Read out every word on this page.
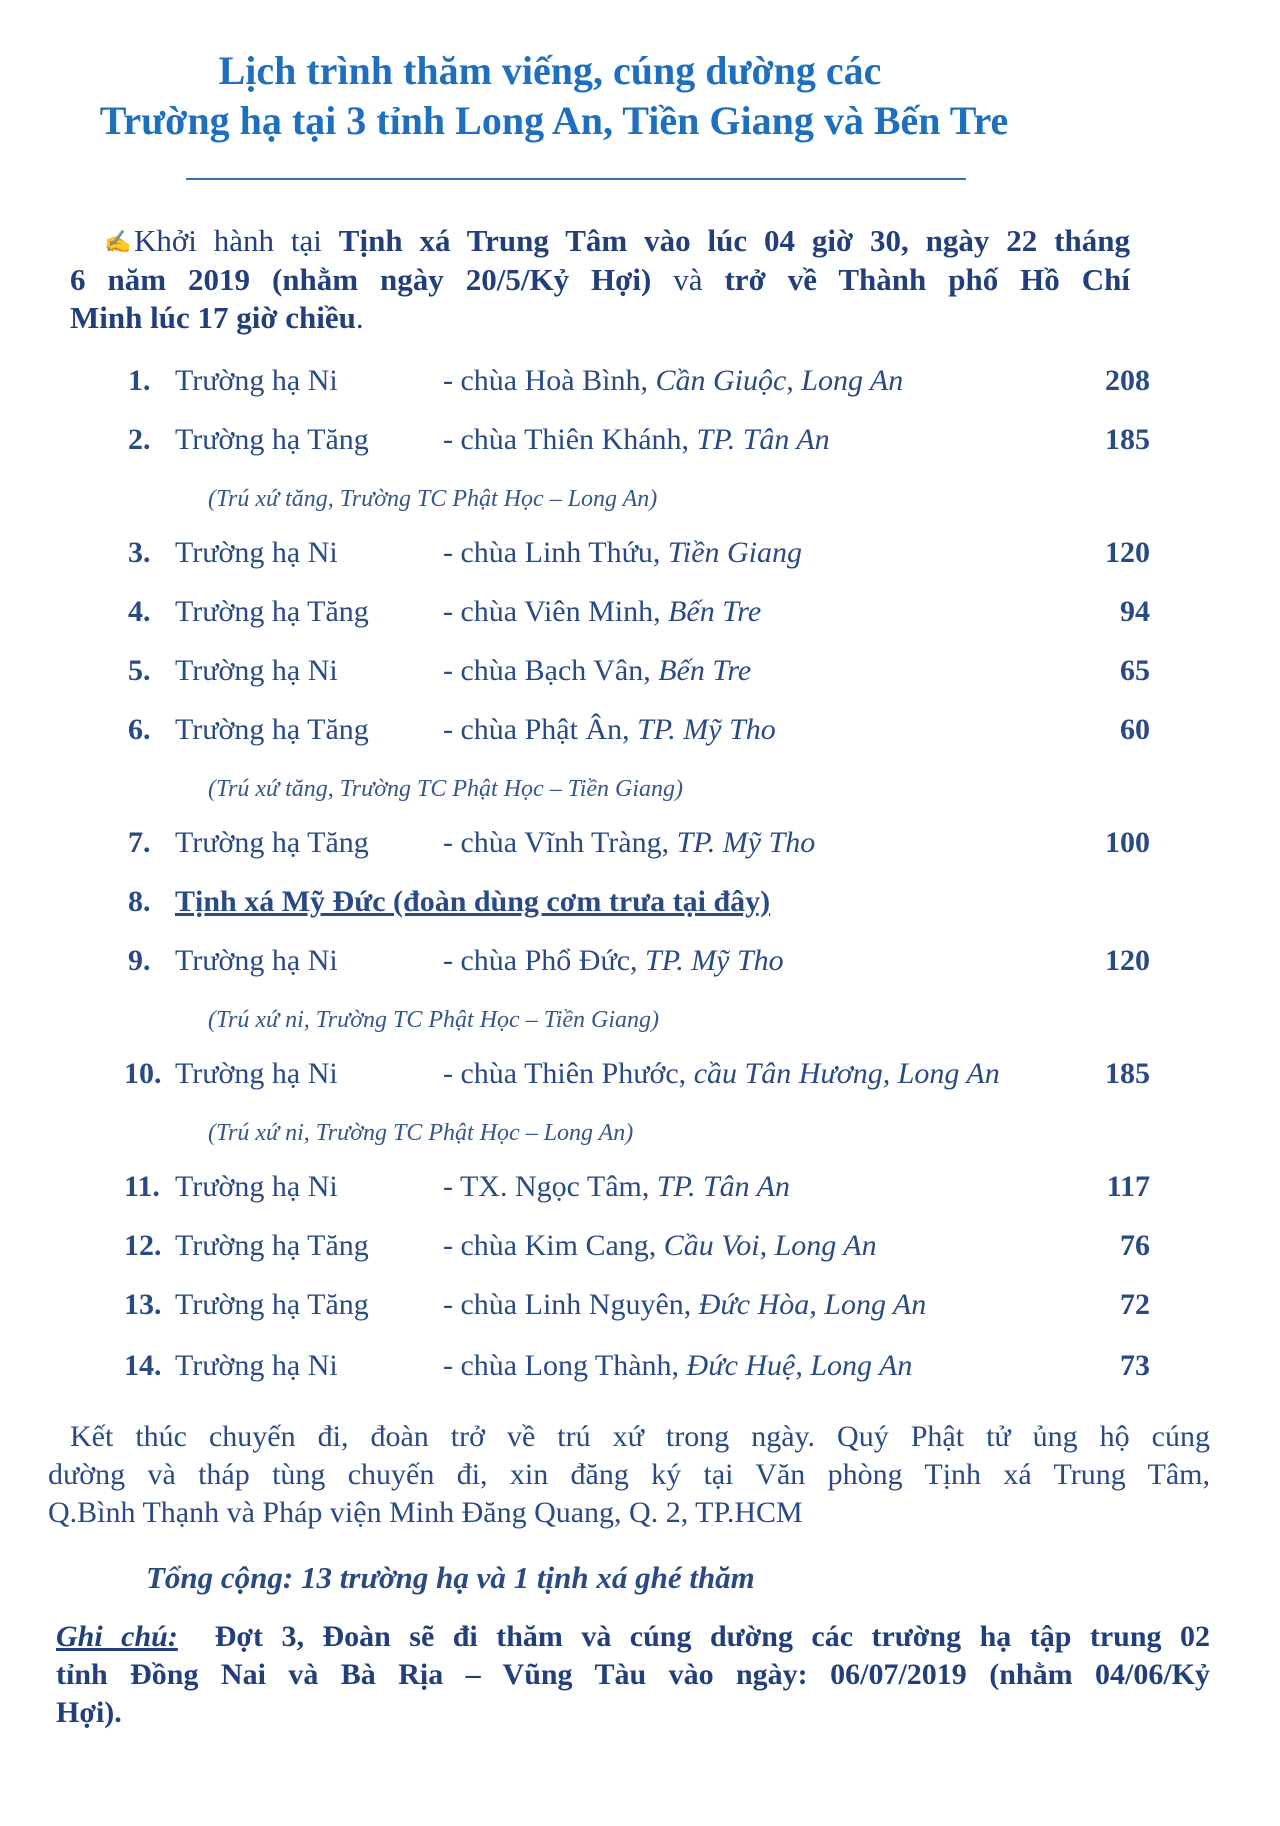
Lịch trình thăm viếng, cúng dường các
Trường hạ tại 3 tỉnh Long An, Tiền Giang và Bến Tre
✍Khởi hành tại Tịnh xá Trung Tâm vào lúc 04 giờ 30, ngày 22 tháng
6 năm 2019 (nhằm ngày 20/5/Kỷ Hợi) và trở về Thành phố Hồ Chí
Minh lúc 17 giờ chiều.
1. Trường hạ Ni	- chùa Hoà Bình, Cần Giuộc, Long An	208
2. Trường hạ Tăng - chùa Thiên Khánh, TP. Tân An	185
(Trú xứ tăng, Trường TC Phật Học – Long An)
3. Trường hạ Ni	- chùa Linh Thứu, Tiền Giang	120
4. Trường hạ Tăng - chùa Viên Minh, Bến Tre	94
5. Trường hạ Ni	- chùa Bạch Vân, Bến Tre	65
6. Trường hạ Tăng - chùa Phật Ân, TP. Mỹ Tho	60
(Trú xứ tăng, Trường TC Phật Học – Tiền Giang)
7. Trường hạ Tăng - chùa Vĩnh Tràng, TP. Mỹ Tho	100
8. Tịnh xá Mỹ Đức (đoàn dùng cơm trưa tại đây)
9. Trường hạ Ni	- chùa Phổ Đức, TP. Mỹ Tho	120
(Trú xứ ni, Trường TC Phật Học – Tiền Giang)
10. Trường hạ Ni	- chùa Thiên Phước, cầu Tân Hương, Long An	185
(Trú xứ ni, Trường TC Phật Học – Long An)
11. Trường hạ Ni	- TX. Ngọc Tâm, TP. Tân An	117
12. Trường hạ Tăng - chùa Kim Cang, Cầu Voi, Long An	76
13. Trường hạ Tăng - chùa Linh Nguyên, Đức Hòa, Long An	72
14. Trường hạ Ni	- chùa Long Thành, Đức Huệ, Long An	73
Kết thúc chuyến đi, đoàn trở về trú xứ trong ngày. Quý Phật tử ủng hộ cúng
dường và tháp tùng chuyến đi, xin đăng ký tại Văn phòng Tịnh xá Trung Tâm,
Q.Bình Thạnh và Pháp viện Minh Đăng Quang, Q. 2, TP.HCM
Tổng cộng: 13 trường hạ và 1 tịnh xá ghé thăm
Ghi chú:  Đợt 3, Đoàn sẽ đi thăm và cúng dường các trường hạ tập trung 02
tỉnh Đồng Nai và Bà Rịa – Vũng Tàu vào ngày: 06/07/2019 (nhằm 04/06/Kỷ
Hợi).
